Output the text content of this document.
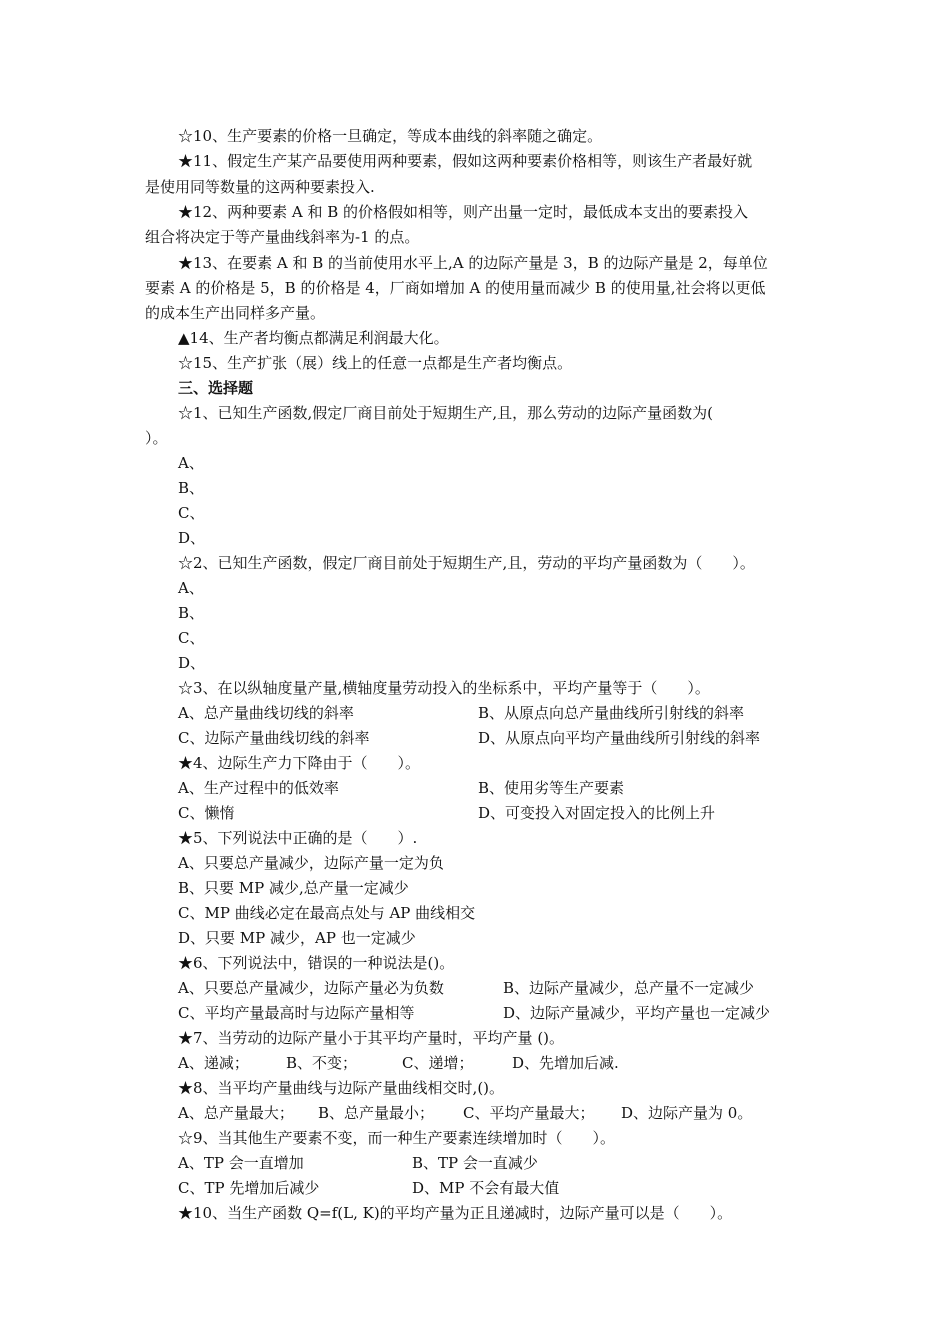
☆10、生产要素的价格一旦确定，等成本曲线的斜率随之确定。
★11、假定生产某产品要使用两种要素，假如这两种要素价格相等，则该生产者最好就
是使用同等数量的这两种要素投入.
★12、两种要素 A 和 B 的价格假如相等，则产出量一定时，最低成本支出的要素投入
组合将决定于等产量曲线斜率为-1 的点。
★13、在要素 A 和 B 的当前使用水平上,A 的边际产量是 3，B 的边际产量是 2，每单位
要素 A 的价格是 5，B 的价格是 4，厂商如增加 A 的使用量而减少 B 的使用量,社会将以更低
的成本生产出同样多产量。
▲14、生产者均衡点都满足利润最大化。
☆15、生产扩张（展）线上的任意一点都是生产者均衡点。
三、选择题
☆1、已知生产函数,假定厂商目前处于短期生产,且，那么劳动的边际产量函数为(
）。
A、
B、
C、
D、
☆2、已知生产函数，假定厂商目前处于短期生产,且，劳动的平均产量函数为（　　）。
A、
B、
C、
D、
☆3、在以纵轴度量产量,横轴度量劳动投入的坐标系中，平均产量等于（　　）。
A、总产量曲线切线的斜率	B、从原点向总产量曲线所引射线的斜率
C、边际产量曲线切线的斜率	D、从原点向平均产量曲线所引射线的斜率
★4、边际生产力下降由于（　　）。
A、生产过程中的低效率	B、使用劣等生产要素
C、懒惰	D、可变投入对固定投入的比例上升
★5、下列说法中正确的是（　　）.
A、只要总产量减少，边际产量一定为负
B、只要 MP 减少,总产量一定减少
C、MP 曲线必定在最高点处与 AP 曲线相交
D、只要 MP 减少，AP 也一定减少
★6、下列说法中，错误的一种说法是()。
A、只要总产量减少，边际产量必为负数	B、边际产量减少，总产量不一定减少
C、平均产量最高时与边际产量相等	D、边际产量减少，平均产量也一定减少
★7、当劳动的边际产量小于其平均产量时，平均产量 ()。
A、递减； B、不变；	C、递增；	D、先增加后减.
★8、当平均产量曲线与边际产量曲线相交时,()。
A、总产量最大； B、总产量最小； C、平均产量最大； D、边际产量为 0。
☆9、当其他生产要素不变，而一种生产要素连续增加时（　　）。
A、TP 会一直增加	B、TP 会一直减少
C、TP 先增加后减少	D、MP 不会有最大值
★10、当生产函数 Q=f(L, K)的平均产量为正且递减时，边际产量可以是（　　）。
